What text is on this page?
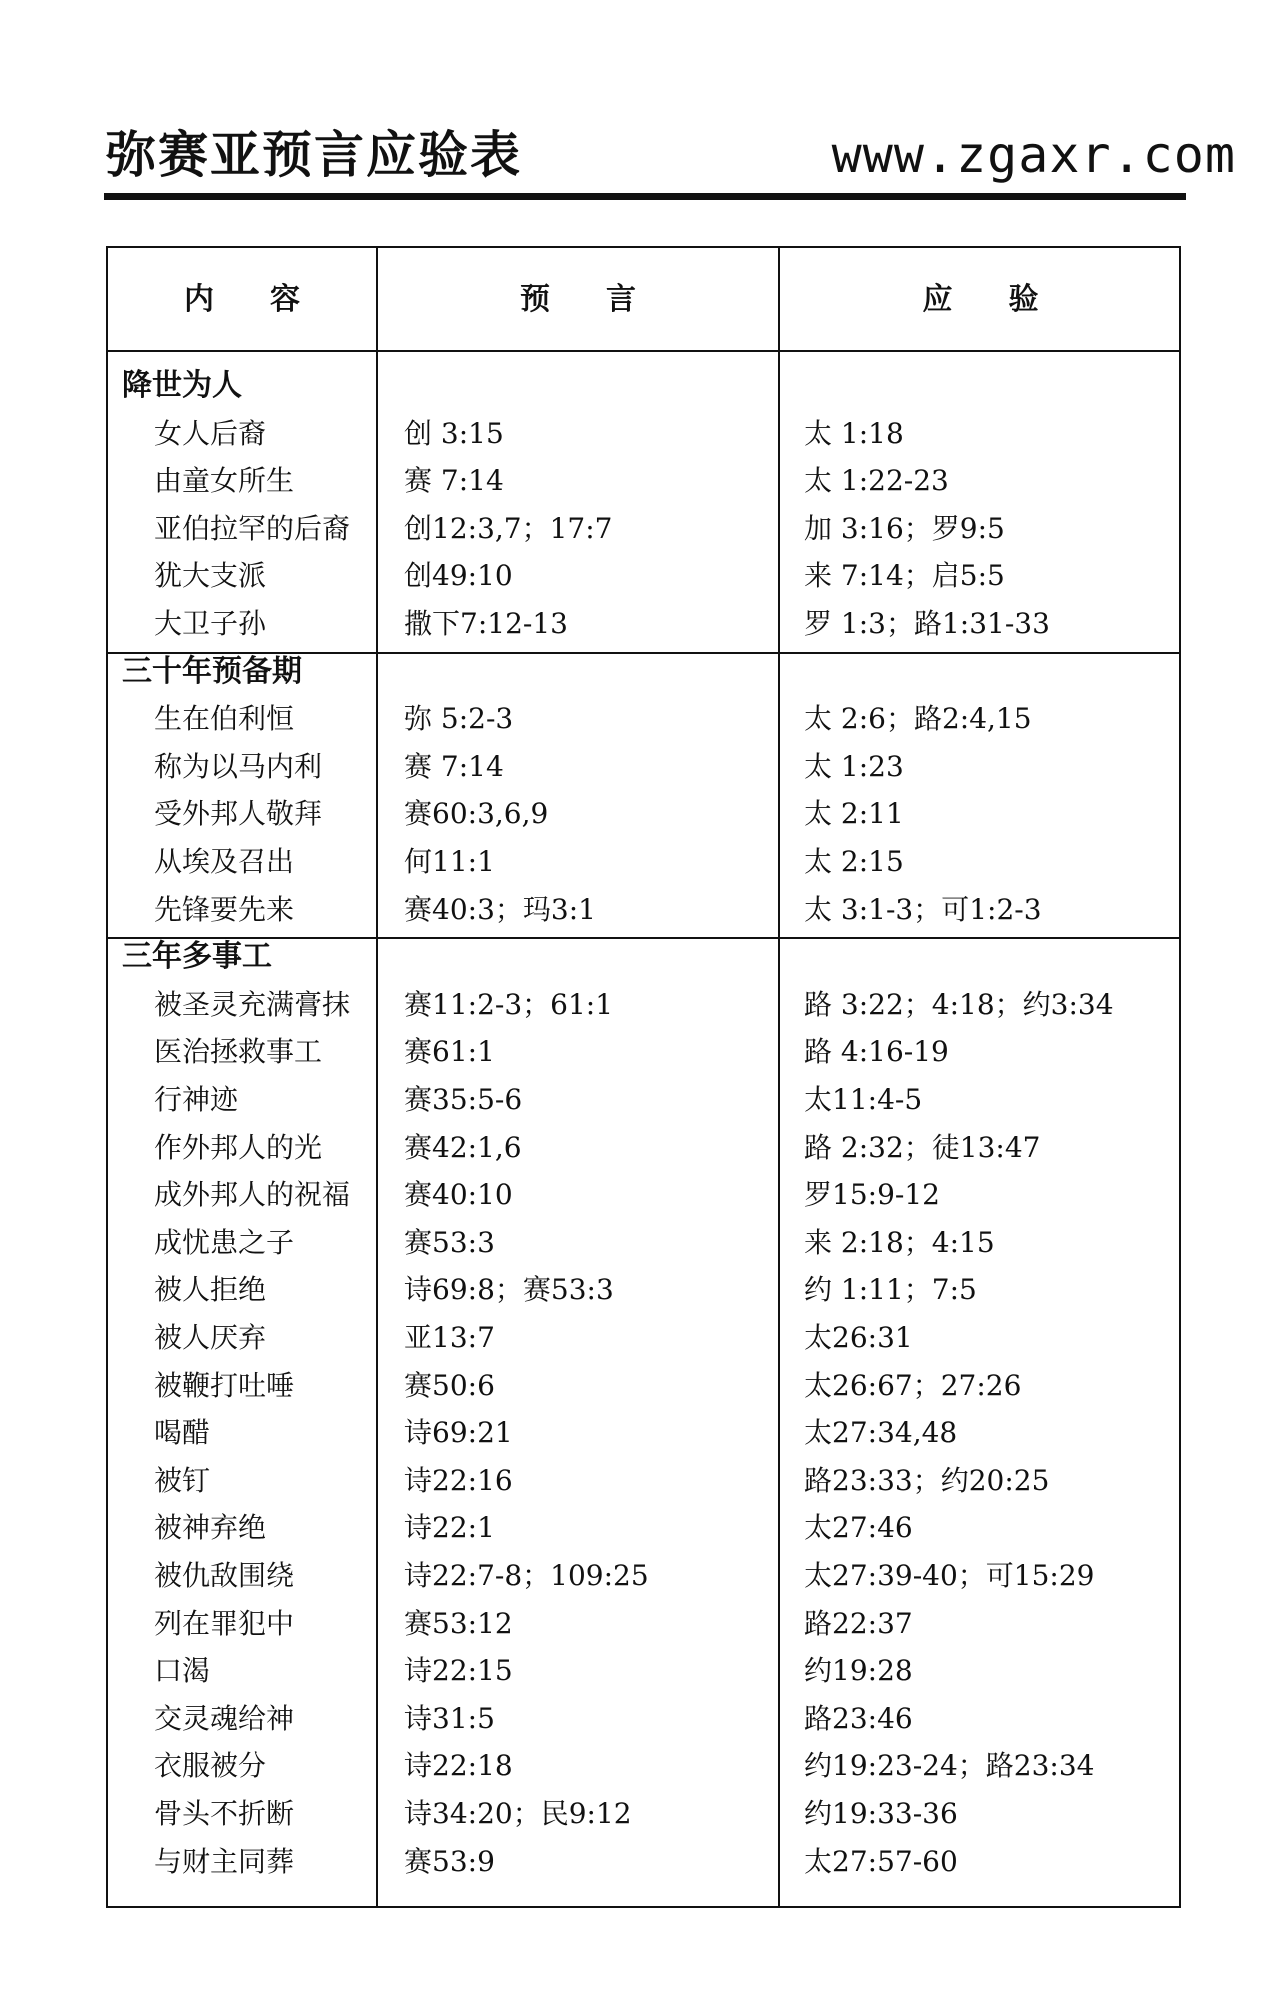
弥赛亚预言应验表	www.zgaxr.com
内容	预言	应验
降世为人
女人后裔	创 3:15	太 1:18
由童女所生	赛 7:14	太 1:22-23
亚伯拉罕的后裔 创12:3,7；17:7	加 3:16；罗9:5
犹大支派	创49:10	来 7:14；启5:5
大卫子孙	撒下7:12-13	罗 1:3；路1:31-33
三十年预备期
生在伯利恒	弥 5:2-3	太 2:6；路2:4,15
称为以马内利	赛 7:14	太 1:23
受外邦人敬拜	赛60:3,6,9	太 2:11
从埃及召出	何11:1	太 2:15
先锋要先来	赛40:3；玛3:1	太 3:1-3；可1:2-3
三年多事工
被圣灵充满膏抹 赛11:2-3；61:1	路 3:22；4:18；约3:34
医治拯救事工	赛61:1	路 4:16-19
行神迹	赛35:5-6	太11:4-5
作外邦人的光	赛42:1,6	路 2:32；徒13:47
成外邦人的祝福 赛40:10	罗15:9-12
成忧患之子	赛53:3	来 2:18；4:15
被人拒绝	诗69:8；赛53:3	约 1:11；7:5
被人厌弃	亚13:7	太26:31
被鞭打吐唾	赛50:6	太26:67；27:26
喝醋	诗69:21	太27:34,48
被钉	诗22:16	路23:33；约20:25
被神弃绝	诗22:1	太27:46
被仇敌围绕	诗22:7-8；109:25	太27:39-40；可15:29
列在罪犯中	赛53:12	路22:37
口渴	诗22:15	约19:28
交灵魂给神	诗31:5	路23:46
衣服被分	诗22:18	约19:23-24；路23:34
骨头不折断	诗34:20；民9:12	约19:33-36
与财主同葬	赛53:9	太27:57-60
